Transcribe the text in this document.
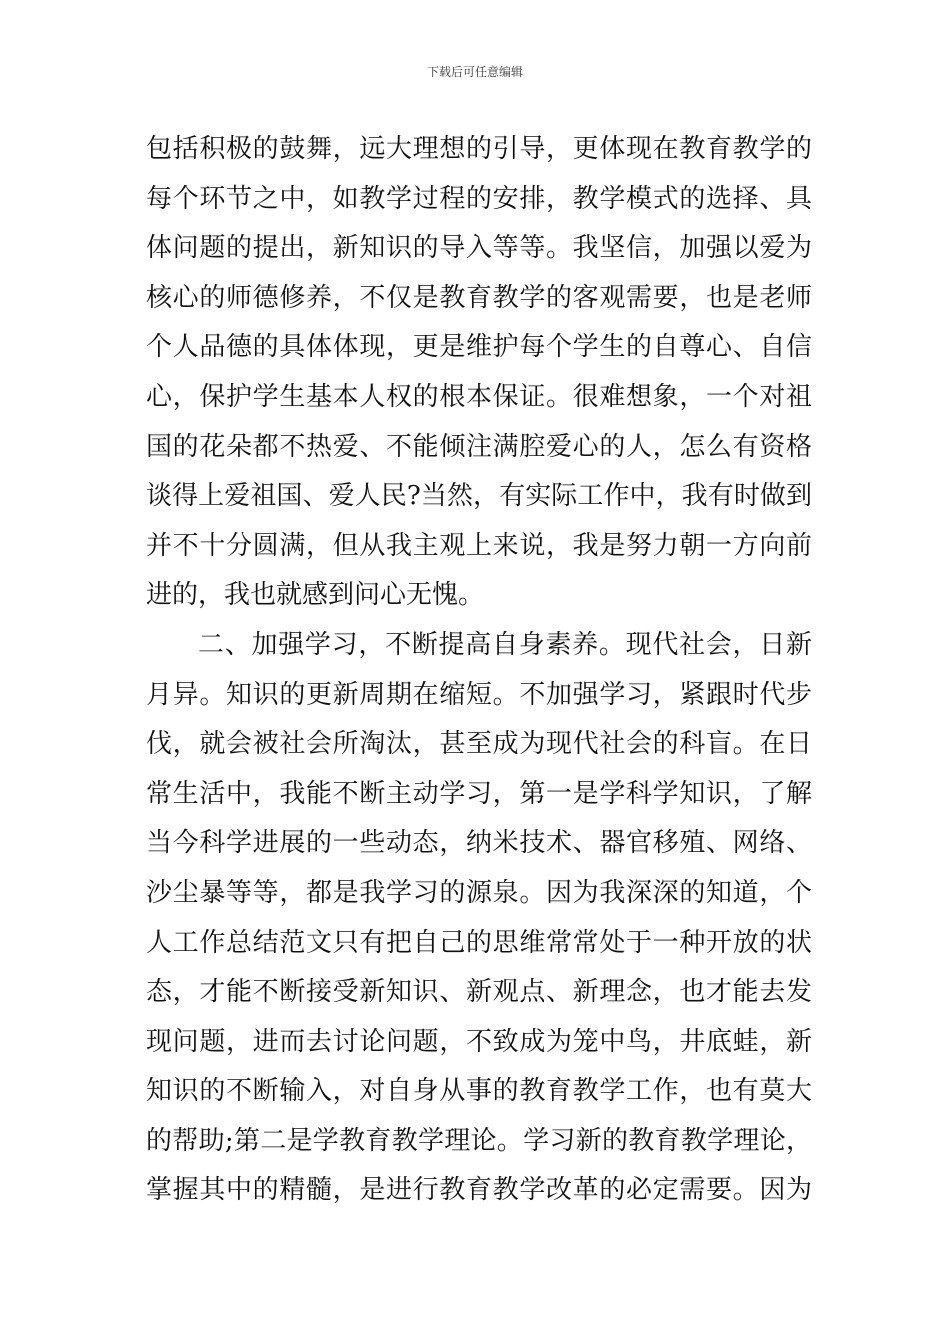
下载后可任意编辑
包括积极的鼓舞，远大理想的引导，更体现在教育教学的
每个环节之中，如教学过程的安排，教学模式的选择、具
体问题的提出，新知识的导入等等。我坚信，加强以爱为
核心的师德修养，不仅是教育教学的客观需要，也是老师
个人品德的具体体现，更是维护每个学生的自尊心、自信
心，保护学生基本人权的根本保证。很难想象，一个对祖
国的花朵都不热爱、不能倾注满腔爱心的人，怎么有资格
谈得上爱祖国、爱人民?当然，有实际工作中，我有时做到
并不十分圆满，但从我主观上来说，我是努力朝一方向前
进的，我也就感到问心无愧。
二、加强学习，不断提高自身素养。现代社会，日新
月异。知识的更新周期在缩短。不加强学习，紧跟时代步
伐，就会被社会所淘汰，甚至成为现代社会的科盲。在日
常生活中，我能不断主动学习，第一是学科学知识，了解
当今科学进展的一些动态，纳米技术、器官移殖、网络、
沙尘暴等等，都是我学习的源泉。因为我深深的知道，个
人工作总结范文只有把自己的思维常常处于一种开放的状
态，才能不断接受新知识、新观点、新理念，也才能去发
现问题，进而去讨论问题，不致成为笼中鸟，井底蛙，新
知识的不断输入，对自身从事的教育教学工作，也有莫大
的帮助;第二是学教育教学理论。学习新的教育教学理论，
掌握其中的精髓，是进行教育教学改革的必定需要。因为
